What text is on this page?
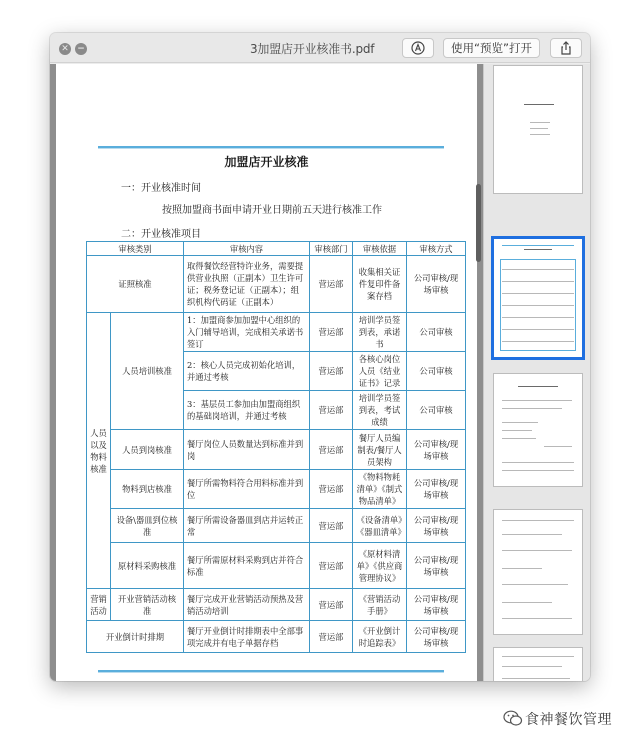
✕ −	3加盟店开业核准书.pdf	使用“预览”打开
加盟店开业核准
一：开业核准时间
按照加盟商书面申请开业日期前五天进行核准工作
二：开业核准项目
审核类别		审核内容	审核部门	审核依据	审核方式
证照核准		取得餐饮经营特许业务，需要提供营业执照（正副本）卫生许可证；税务登记证（正副本）；组织机构代码证（正副本）	营运部	收集相关证件复印件备案存档	公司审核/现场审核
人员以及物料核准	人员培训核准	1：加盟商参加加盟中心组织的入门辅导培训，完成相关承诺书签订	营运部	培训学员签到表，承诺书	公司审核
		2：核心人员完成初始化培训，并通过考核	营运部	各核心岗位人员《结业证书》记录	公司审核
		3：基层员工参加由加盟商组织的基础岗培训，并通过考核	营运部	培训学员签到表，考试成绩	公司审核
	人员到岗核准	餐厅岗位人员数量达到标准并到岗	营运部	餐厅人员编制表/餐厅人员架构	公司审核/现场审核
	物料到店核准	餐厅所需物料符合用料标准并到位	营运部	《物料物耗清单》《制式物品清单》	公司审核/现场审核
	设备\器皿到位核准	餐厅所需设备器皿到店并运转正常	营运部	《设备清单》《器皿清单》	公司审核/现场审核
	原材料采购核准	餐厅所需原材料采购到店并符合标准	营运部	《原材料清单》《供应商管理协议》	公司审核/现场审核
营销活动	开业营销活动核准	餐厅完成开业营销活动预热及营销活动培训	营运部	《营销活动手册》	公司审核/现场审核
开业倒计时排期		餐厅开业倒计时排期表中全部事项完成并有电子单据存档	营运部	《开业倒计时追踪表》	公司审核/现场审核
食神餐饮管理
